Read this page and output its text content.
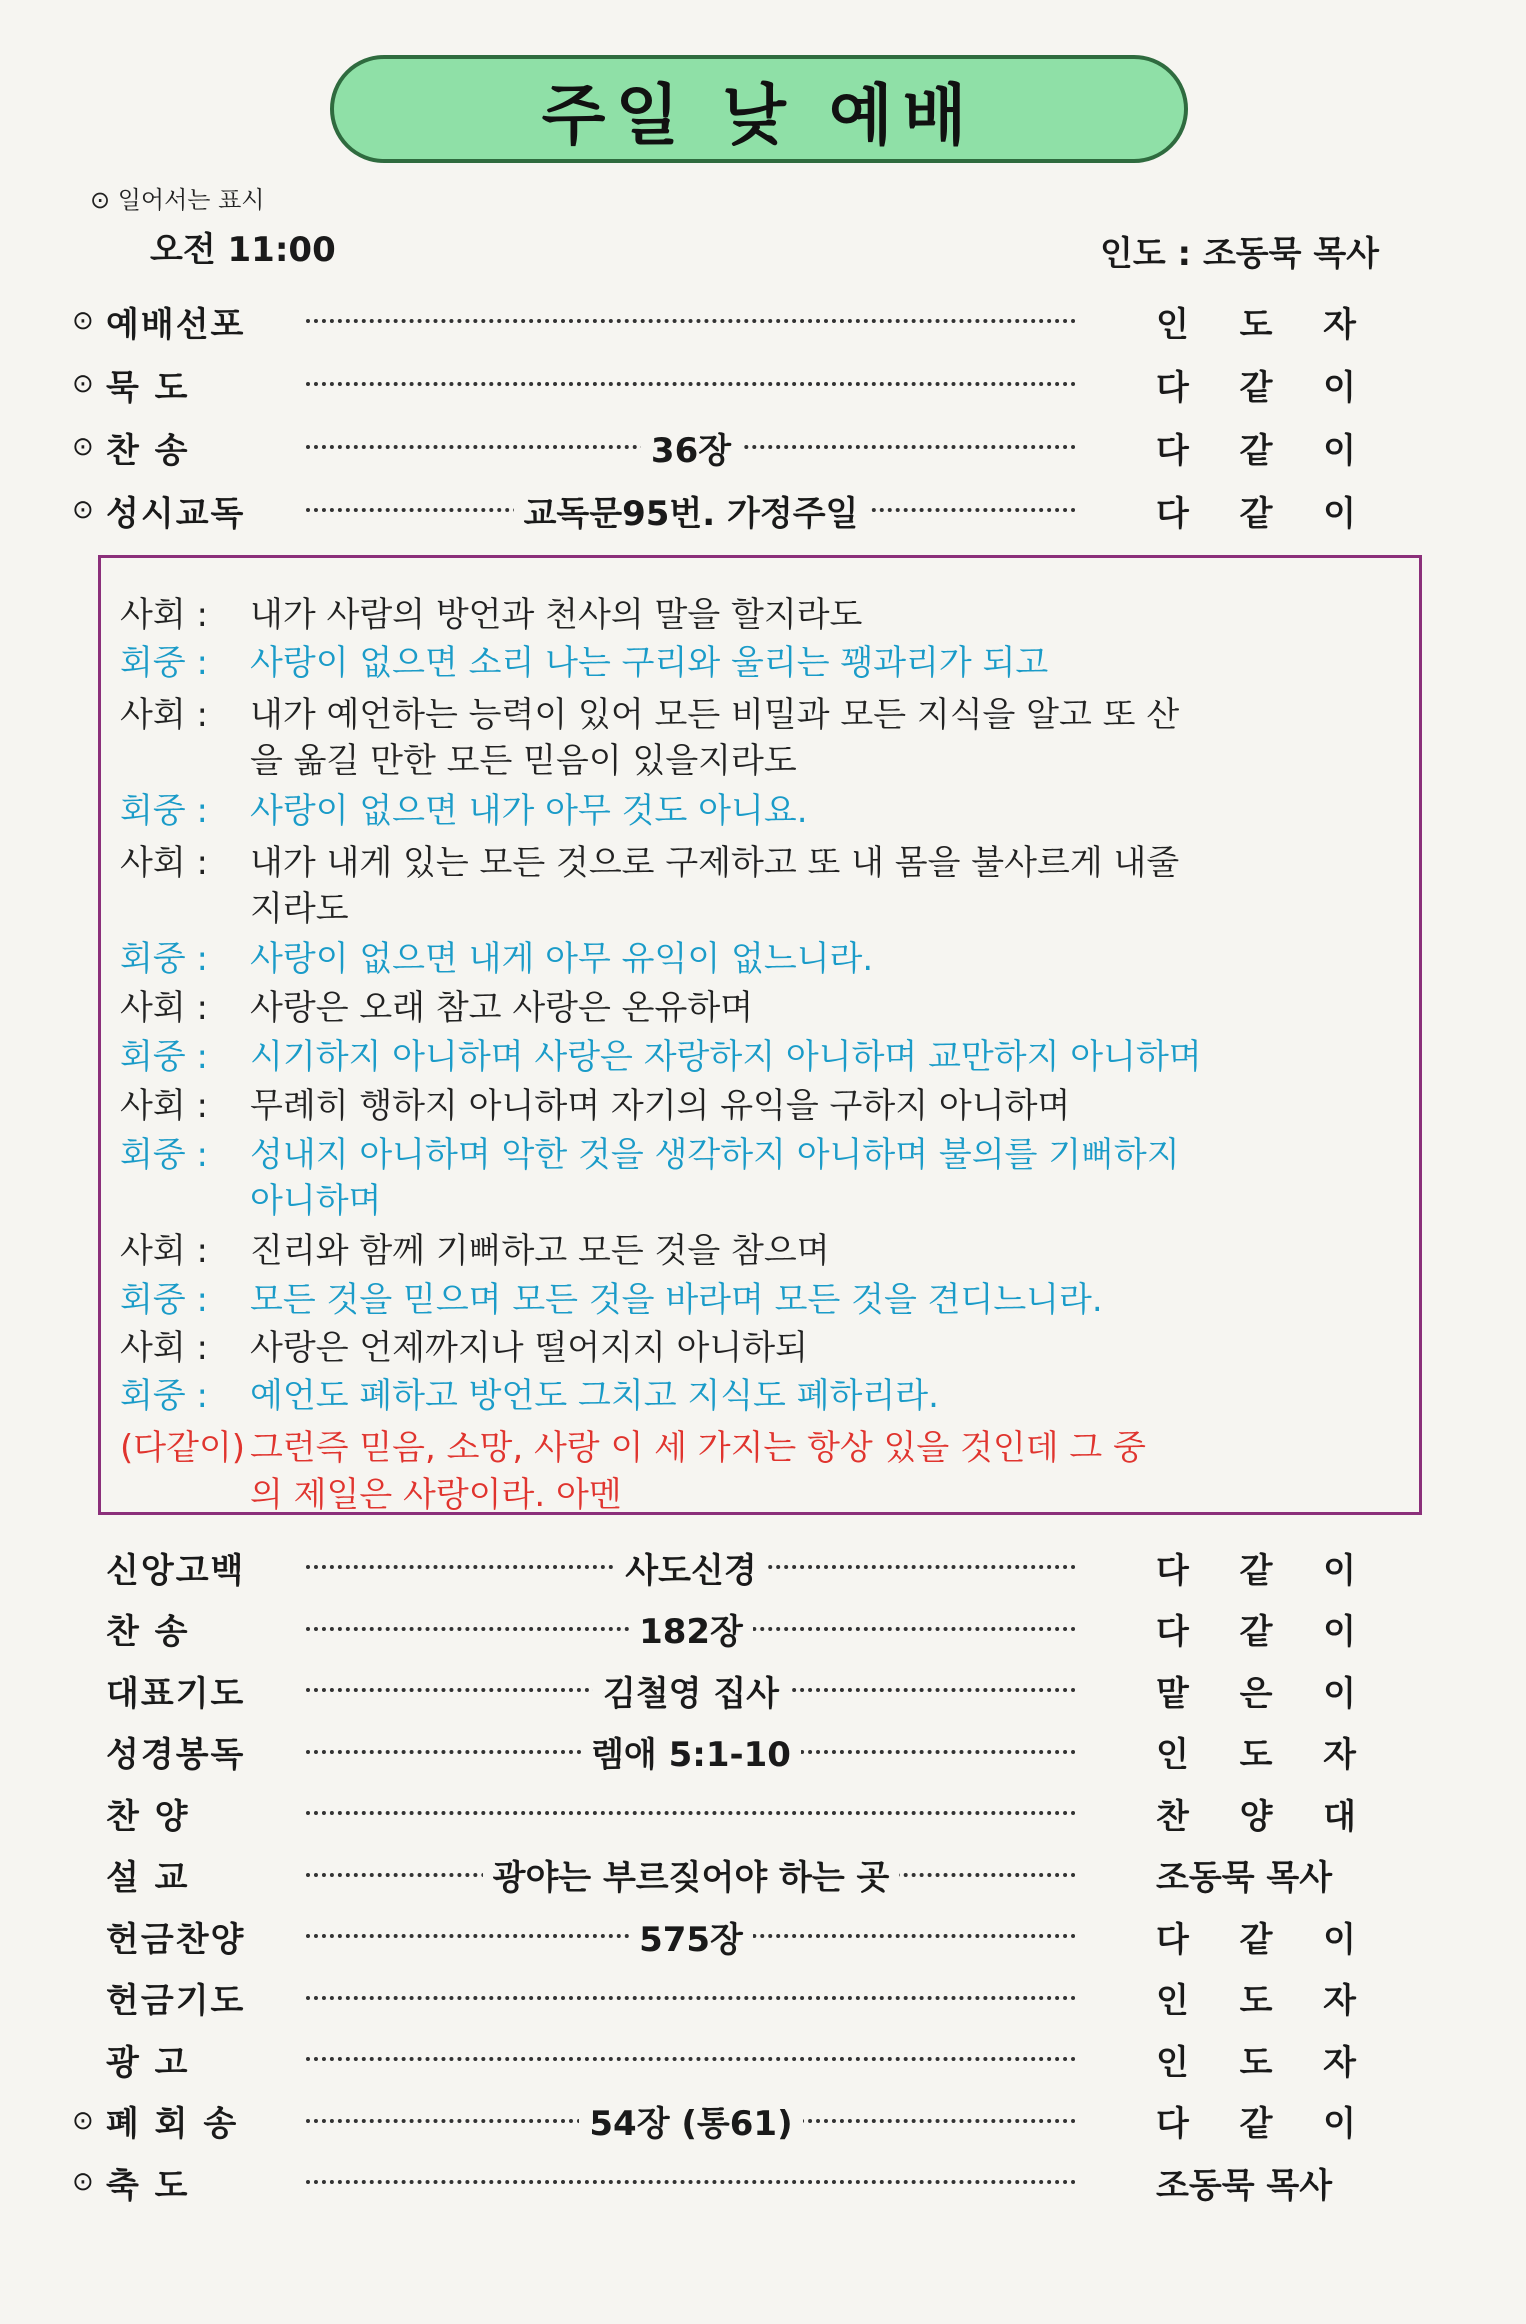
주일 낮 예배
⊙ 일어서는 표시
오전 11:00	인도 : 조동묵 목사
⊙ 예배선포	인 도 자
⊙ 묵 도	다 같 이
⊙ 찬 송	36장	다 같 이
⊙ 성시교독	교독문95번. 가정주일	다 같 이
사회 : 내가 사람의 방언과 천사의 말을 할지라도
회중 : 사랑이 없으면 소리 나는 구리와 울리는 꽹과리가 되고
사회 : 내가 예언하는 능력이 있어 모든 비밀과 모든 지식을 알고 또 산
을 옮길 만한 모든 믿음이 있을지라도
회중 : 사랑이 없으면 내가 아무 것도 아니요.
사회 : 내가 내게 있는 모든 것으로 구제하고 또 내 몸을 불사르게 내줄
지라도
회중 : 사랑이 없으면 내게 아무 유익이 없느니라.
사회 : 사랑은 오래 참고 사랑은 온유하며
회중 : 시기하지 아니하며 사랑은 자랑하지 아니하며 교만하지 아니하며
사회 : 무례히 행하지 아니하며 자기의 유익을 구하지 아니하며
회중 : 성내지 아니하며 악한 것을 생각하지 아니하며 불의를 기뻐하지
아니하며
사회 : 진리와 함께 기뻐하고 모든 것을 참으며
회중 : 모든 것을 믿으며 모든 것을 바라며 모든 것을 견디느니라.
사회 : 사랑은 언제까지나 떨어지지 아니하되
회중 : 예언도 폐하고 방언도 그치고 지식도 폐하리라.
(다같이) 그런즉 믿음, 소망, 사랑 이 세 가지는 항상 있을 것인데 그 중
의 제일은 사랑이라. 아멘
신앙고백	사도신경	다 같 이
찬 송	182장	다 같 이
대표기도	김철영 집사	맡 은 이
성경봉독	렘애 5:1-10	인 도 자
찬 양	찬 양 대
설 교	광야는 부르짖어야 하는 곳	조동묵 목사
헌금찬양	575장	다 같 이
헌금기도	인 도 자
광 고	인 도 자
⊙ 폐 회 송	54장 (통61)	다 같 이
⊙ 축 도	조동묵 목사
